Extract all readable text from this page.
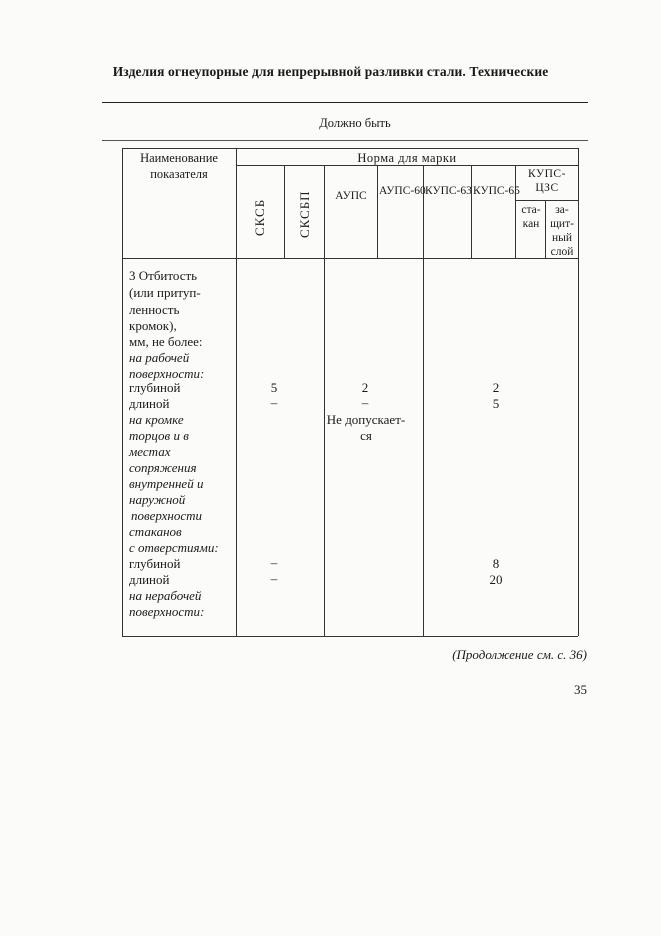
Изделия огнеупорные для непрерывной разливки стали. Технические
Должно быть
Наименование показателя
Норма для марки
СКСБ СКСБП	АУПС	АУПС-60 КУПС-63 КУПС-65
КУПС-ЦЗС
ста-кан
за-щит-ный слой
3 Отбитость
(или притуп-
ленность
кромок),
мм, не более:
на рабочей
поверхности:
глубиной
длиной
на кромке
торцов и в
местах
сопряжения
внутренней и
наружной
поверхности
стаканов
с отверстиями:
глубиной
длиной
на нерабочей
поверхности:
5
–
2
–
Не допускает-ся
2
5
–
–
8
20
(Продолжение см. с. 36)
35
